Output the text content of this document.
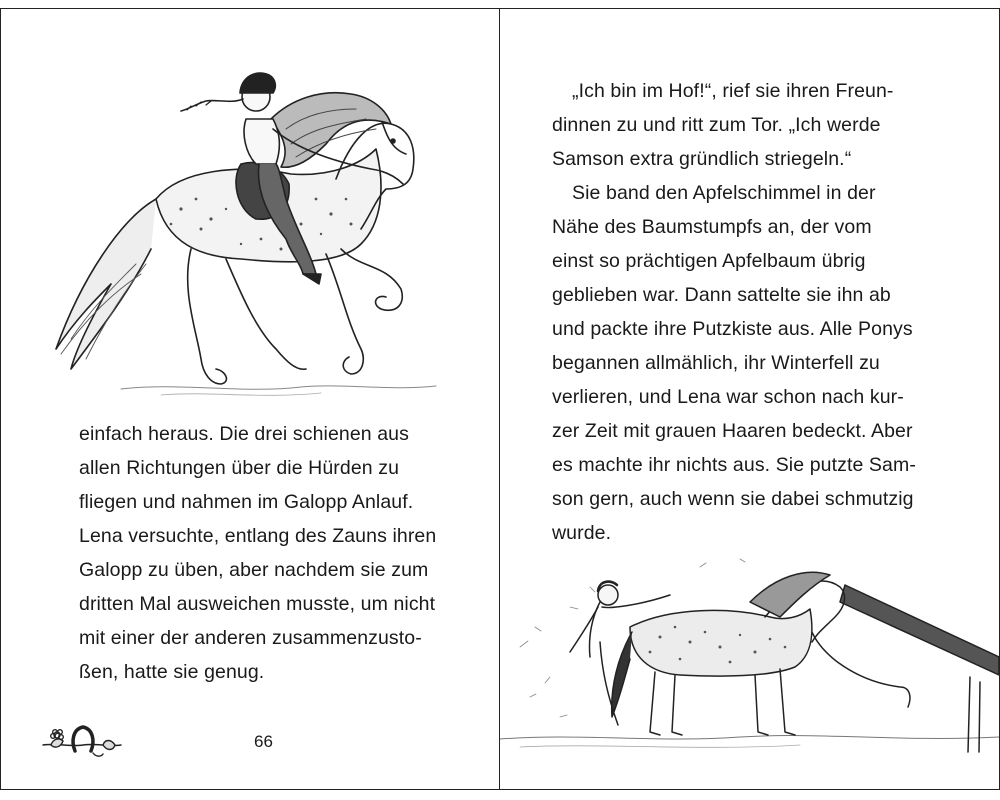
einfach heraus. Die drei schienen aus
allen Richtungen über die Hürden zu
fliegen und nahmen im Galopp Anlauf.
Lena versuchte, entlang des Zauns ihren
Galopp zu üben, aber nachdem sie zum
dritten Mal ausweichen musste, um nicht
mit einer der anderen zusammenzusto-
ßen, hatte sie genug.
66
„Ich bin im Hof!“, rief sie ihren Freun-
dinnen zu und ritt zum Tor. „Ich werde
Samson extra gründlich striegeln.“
Sie band den Apfelschimmel in der
Nähe des Baumstumpfs an, der vom
einst so prächtigen Apfelbaum übrig
geblieben war. Dann sattelte sie ihn ab
und packte ihre Putzkiste aus. Alle Ponys
begannen allmählich, ihr Winterfell zu
verlieren, und Lena war schon nach kur-
zer Zeit mit grauen Haaren bedeckt. Aber
es machte ihr nichts aus. Sie putzte Sam-
son gern, auch wenn sie dabei schmutzig
wurde.
